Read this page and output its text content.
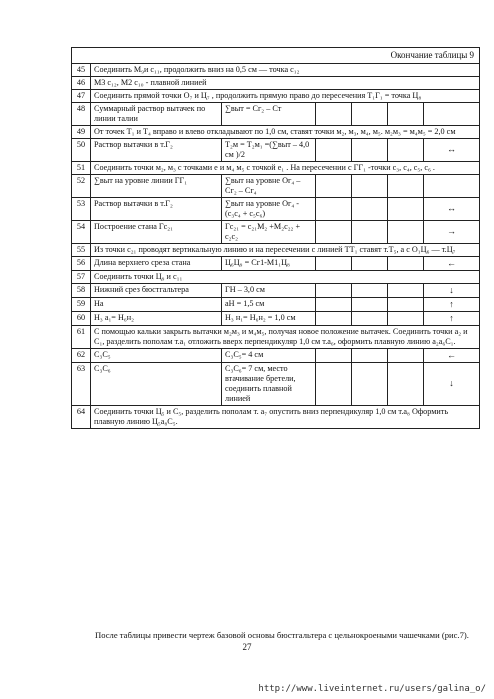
Окончание таблицы 9						
45	Соединить М₉и с₁₁, продолжить вниз на 0,5 см — точка с₁₂					
46	М3 с₁₂, М2 с₁₀ - плавной линией					
47	Соединить прямой точки О₇ и Ц₇ , продолжить прямую право до пересечения Т₁Г₁ = точка Ц₈					
48	Суммарный раствор вытачек по линии талии	∑выт = Сг₂ – Ст				
49	От точек Т₁ и Т₄ вправо и влево откладывают по 1,0 см, ставят точки м₂, м₃, м₄, м₅. м₂м₃ = м₄м₅ = 2,0 см					
50	Раствор вытачки в т.Г₂	Т₂м = Т₂м₁ =(∑выт – 4,0 см )/2				↔
51	Соединить точки м₂, м₃ с точками е и м₄ м₅ с точкой е₁ . На пересечении с ГГ₁ -точки с₃, с₄, с₅, с₆ .					
52	∑выт на уровне линии ГГ₁	∑выт на уровне Ог₄ – Сг₂ – Сг₄				
53	Раствор вытачки в т.Г₂	∑выт на уровне Ог₄ - (с₃с₄ + с₅с₆)				↔
54	Построение стана Гс₂₁	Гс₂₁ = с₂₁М₂ +М₂с₂₂ + с₂с₂				→
55	Из точки с₂₁ проводят вертикальную линию и на пересечении с линией ТТ₁ ставят т.Т₅, а с О₁Ц₆ — т.Ц₇					
56	Длина верхнего среза стана	Ц₆Ц₉ = Сг1-М1₁Ц₈				←
57	Соединить точки Ц₉ и с₁₁					
58	Нижний срез бюстгальтера	ГН – 3,0 см				↓
59	На	аН = 1,5 см				↑
60	Н₃ а₁= Н₆н₂	Н₃ н₁= Н₆н₂ = 1,0 см				↑
61	С помощью кальки закрыть вытачки м₂м₃ и м₄м₅, получая новое положение вытачек. Соединить точки а₂ и С₁, разделить пополам т.а₁ отложить вверх перпендикуляр 1,0 см т.а₆, оформить плавную линию а₂а₆С₁.					
62	С₃С₅	С₃С₅= 4 см				←
63	С₃С₆	С₃С₆= 7 см, место втачивание бретели, соединить плавной линией				↓
64	Соединить точки Ц₅ и С₅, разделить пополам т. а₇ опустить вниз перпендикуляр 1,0 см т.а₈ Оформить плавную линию Ц₅а₈С₅.					
После таблицы привести чертеж базовой основы бюстгальтера с цельнокроеными чашечками (рис.7).
27
http://www.liveinternet.ru/users/galina_o/
